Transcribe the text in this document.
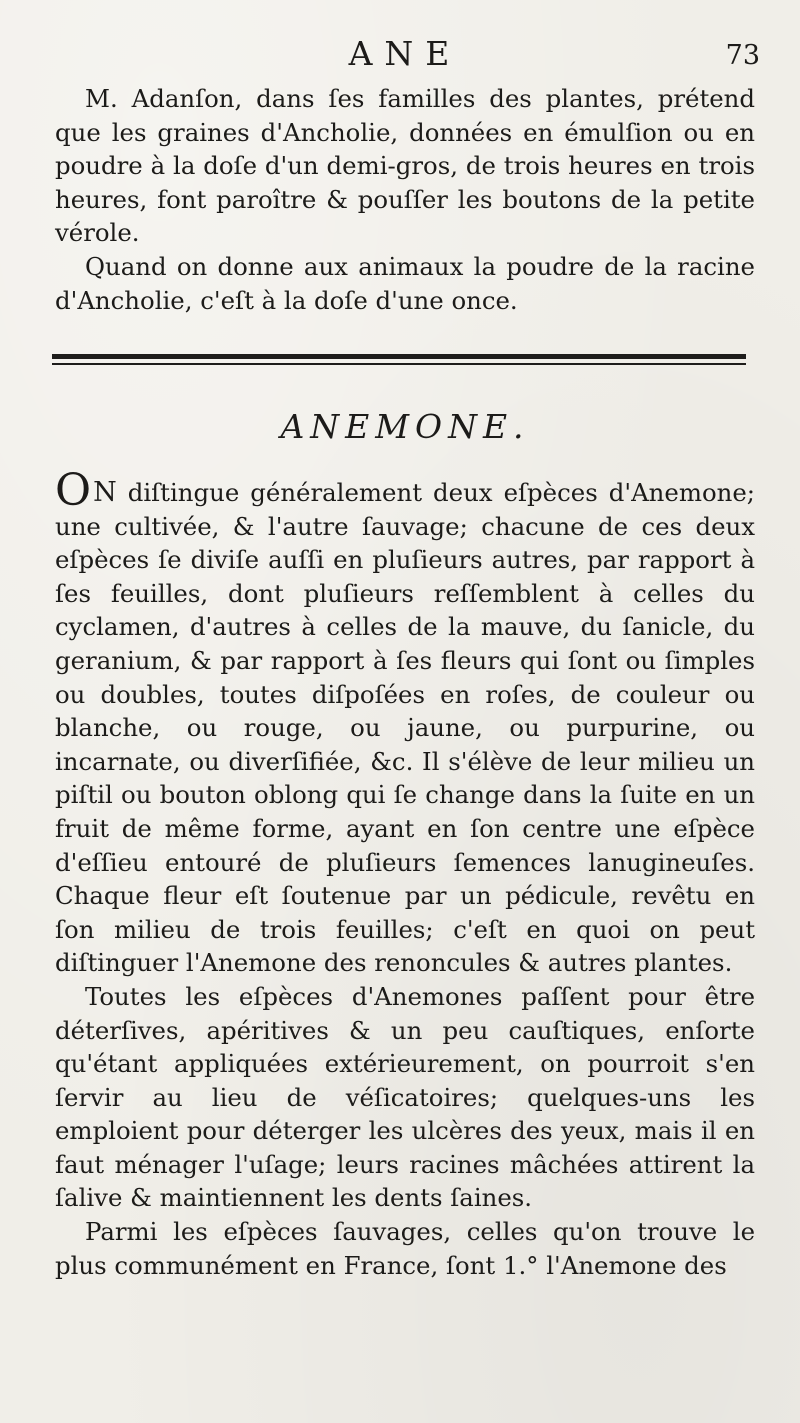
ANE	73

M. Adanſon, dans ſes familles des plantes, prétend que les graines d'Ancholie, données en émulſion ou en poudre à la doſe d'un demi-gros, de trois heures en trois heures, font paroître & pouſſer les boutons de la petite vérole.

Quand on donne aux animaux la poudre de la racine d'Ancholie, c'eſt à la doſe d'une once.

ANEMONE.

ON diſtingue généralement deux eſpèces d'Anemone; une cultivée, & l'autre ſauvage; chacune de ces deux eſpèces ſe diviſe auſſi en pluſieurs autres, par rapport à ſes feuilles, dont pluſieurs reſſemblent à celles du cyclamen, d'autres à celles de la mauve, du ſanicle, du geranium, & par rapport à ſes fleurs qui ſont ou ſimples ou doubles, toutes diſpoſées en roſes, de couleur ou blanche, ou rouge, ou jaune, ou purpurine, ou incarnate, ou diverſifiée, &c. Il s'élève de leur milieu un piſtil ou bouton oblong qui ſe change dans la ſuite en un fruit de même forme, ayant en ſon centre une eſpèce d'eſſieu entouré de pluſieurs ſemences lanugineuſes. Chaque fleur eſt ſoutenue par un pédicule, revêtu en ſon milieu de trois feuilles; c'eſt en quoi on peut diſtinguer l'Anemone des renoncules & autres plantes.

Toutes les eſpèces d'Anemones paſſent pour être déterſives, apéritives & un peu cauſtiques, enſorte qu'étant appliquées extérieurement, on pourroit s'en ſervir au lieu de véſicatoires; quelques-uns les emploient pour déterger les ulcères des yeux, mais il en faut ménager l'uſage; leurs racines mâchées attirent la ſalive & maintiennent les dents ſaines.

Parmi les eſpèces ſauvages, celles qu'on trouve le plus communément en France, ſont 1.° l'Anemone des
